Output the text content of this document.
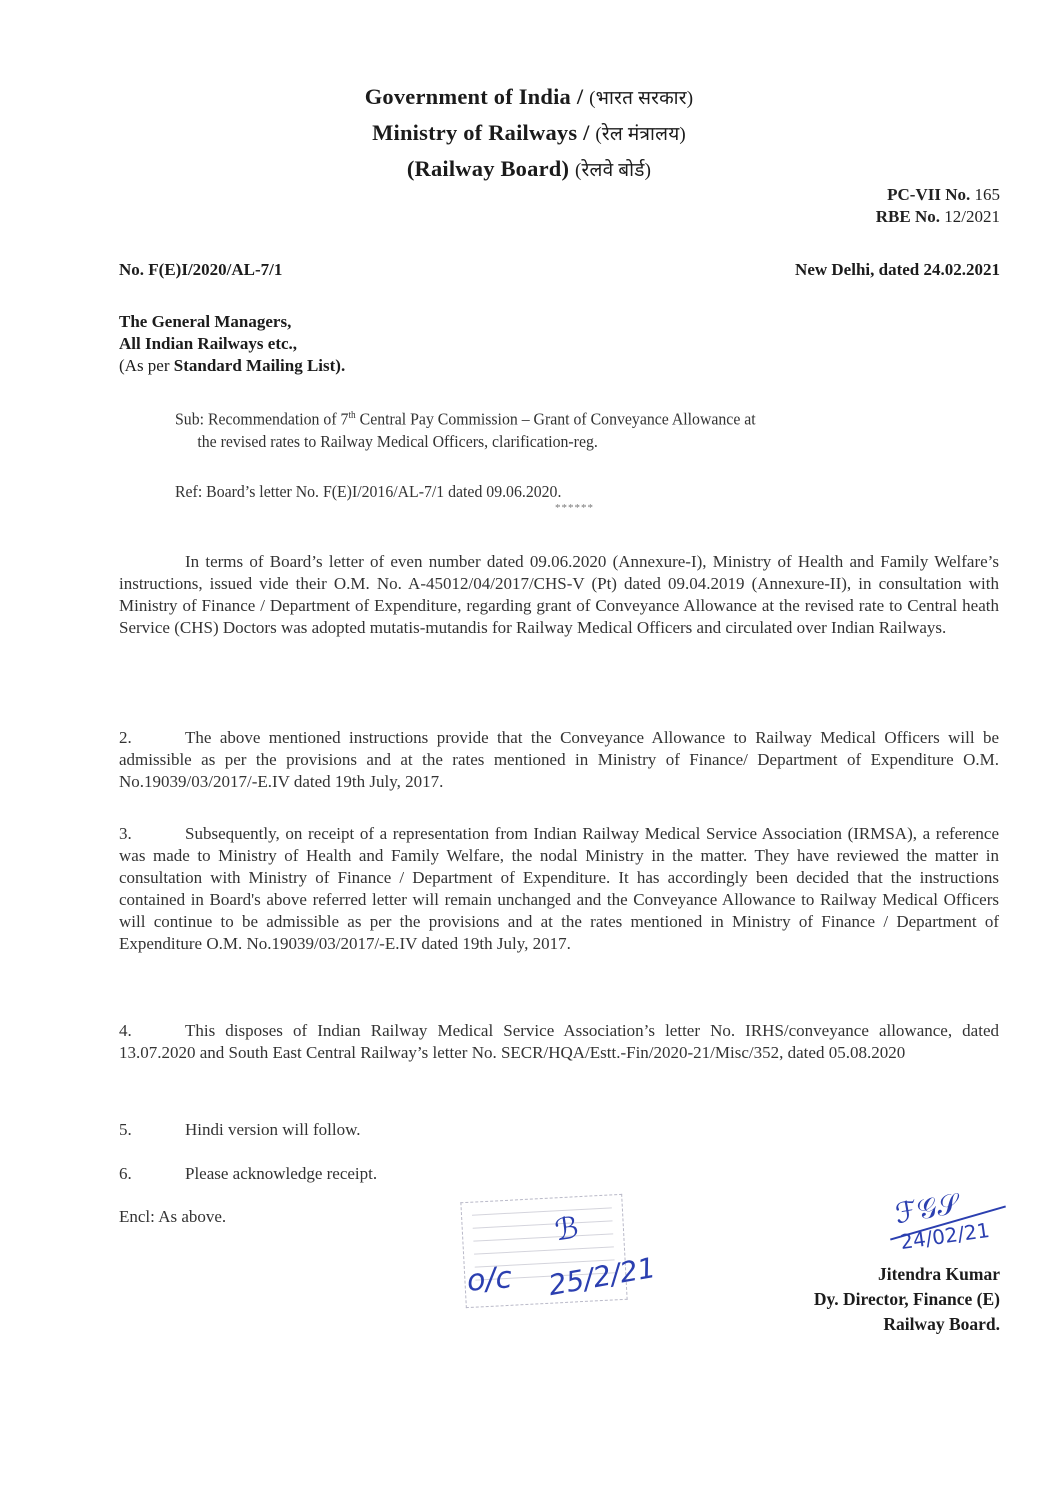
Government of India / (भारत सरकार)
Ministry of Railways / (रेल मंत्रालय)
(Railway Board) (रेलवे बोर्ड)
PC-VII No. 165
RBE No. 12/2021
No. F(E)I/2020/AL-7/1	New Delhi, dated 24.02.2021
The General Managers,
All Indian Railways etc.,
(As per Standard Mailing List).
Sub: Recommendation of 7th Central Pay Commission – Grant of Conveyance Allowance at
the revised rates to Railway Medical Officers, clarification-reg.
Ref: Board’s letter No. F(E)I/2016/AL-7/1 dated 09.06.2020.
******
In terms of Board’s letter of even number dated 09.06.2020 (Annexure-I), Ministry of Health and Family Welfare’s instructions, issued vide their O.M. No. A-45012/04/2017/CHS-V (Pt) dated 09.04.2019 (Annexure-II), in consultation with Ministry of Finance / Department of Expenditure, regarding grant of Conveyance Allowance at the revised rate to Central heath Service (CHS) Doctors was adopted mutatis-mutandis for Railway Medical Officers and circulated over Indian Railways.
2.	The above mentioned instructions provide that the Conveyance Allowance to Railway Medical Officers will be admissible as per the provisions and at the rates mentioned in Ministry of Finance/ Department of Expenditure O.M. No.19039/03/2017/-E.IV dated 19th July, 2017.
3.	Subsequently, on receipt of a representation from Indian Railway Medical Service Association (IRMSA), a reference was made to Ministry of Health and Family Welfare, the nodal Ministry in the matter. They have reviewed the matter in consultation with Ministry of Finance / Department of Expenditure. It has accordingly been decided that the instructions contained in Board's above referred letter will remain unchanged and the Conveyance Allowance to Railway Medical Officers will continue to be admissible as per the provisions and at the rates mentioned in Ministry of Finance / Department of Expenditure O.M. No.19039/03/2017/-E.IV dated 19th July, 2017.
4.	This disposes of Indian Railway Medical Service Association’s letter No. IRHS/conveyance allowance, dated 13.07.2020 and South East Central Railway’s letter No. SECR/HQA/Estt.-Fin/2020-21/Misc/352, dated 05.08.2020
5.	Hindi version will follow.
6.	Please acknowledge receipt.
Encl: As above.
o/c
ℬ
25/2/21
ℱ𝒢𝒮
24/02/21
Jitendra Kumar
Dy. Director, Finance (E)
Railway Board.
